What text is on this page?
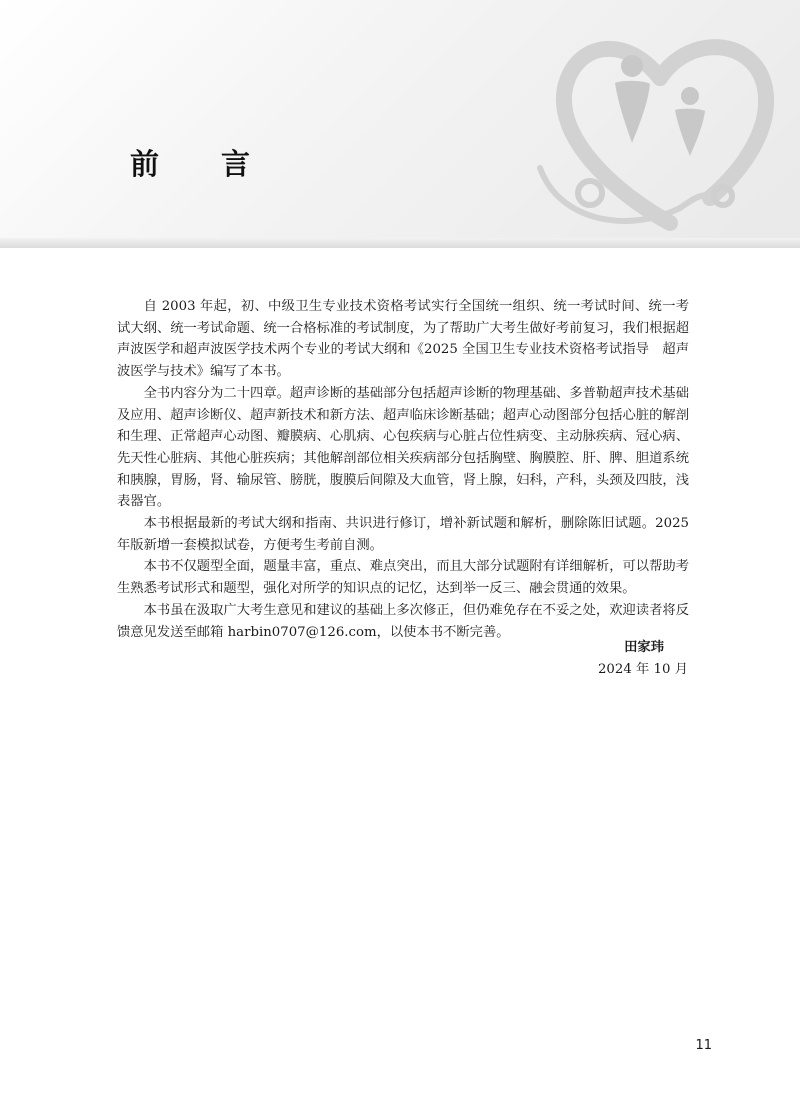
前言

自 2003 年起，初、中级卫生专业技术资格考试实行全国统一组织、统一考试时间、统一考试大纲、统一考试命题、统一合格标准的考试制度，为了帮助广大考生做好考前复习，我们根据超声波医学和超声波医学技术两个专业的考试大纲和《2025 全国卫生专业技术资格考试指导　超声波医学与技术》编写了本书。

全书内容分为二十四章。超声诊断的基础部分包括超声诊断的物理基础、多普勒超声技术基础及应用、超声诊断仪、超声新技术和新方法、超声临床诊断基础；超声心动图部分包括心脏的解剖和生理、正常超声心动图、瓣膜病、心肌病、心包疾病与心脏占位性病变、主动脉疾病、冠心病、先天性心脏病、其他心脏疾病；其他解剖部位相关疾病部分包括胸壁、胸膜腔、肝、脾、胆道系统和胰腺，胃肠，肾、输尿管、膀胱，腹膜后间隙及大血管，肾上腺，妇科，产科，头颈及四肢，浅表器官。

本书根据最新的考试大纲和指南、共识进行修订，增补新试题和解析，删除陈旧试题。2025 年版新增一套模拟试卷，方便考生考前自测。

本书不仅题型全面，题量丰富，重点、难点突出，而且大部分试题附有详细解析，可以帮助考生熟悉考试形式和题型，强化对所学的知识点的记忆，达到举一反三、融会贯通的效果。

本书虽在汲取广大考生意见和建议的基础上多次修正，但仍难免存在不妥之处，欢迎读者将反馈意见发送至邮箱 harbin0707@126.com，以使本书不断完善。

田家玮
2024 年 10 月
11
